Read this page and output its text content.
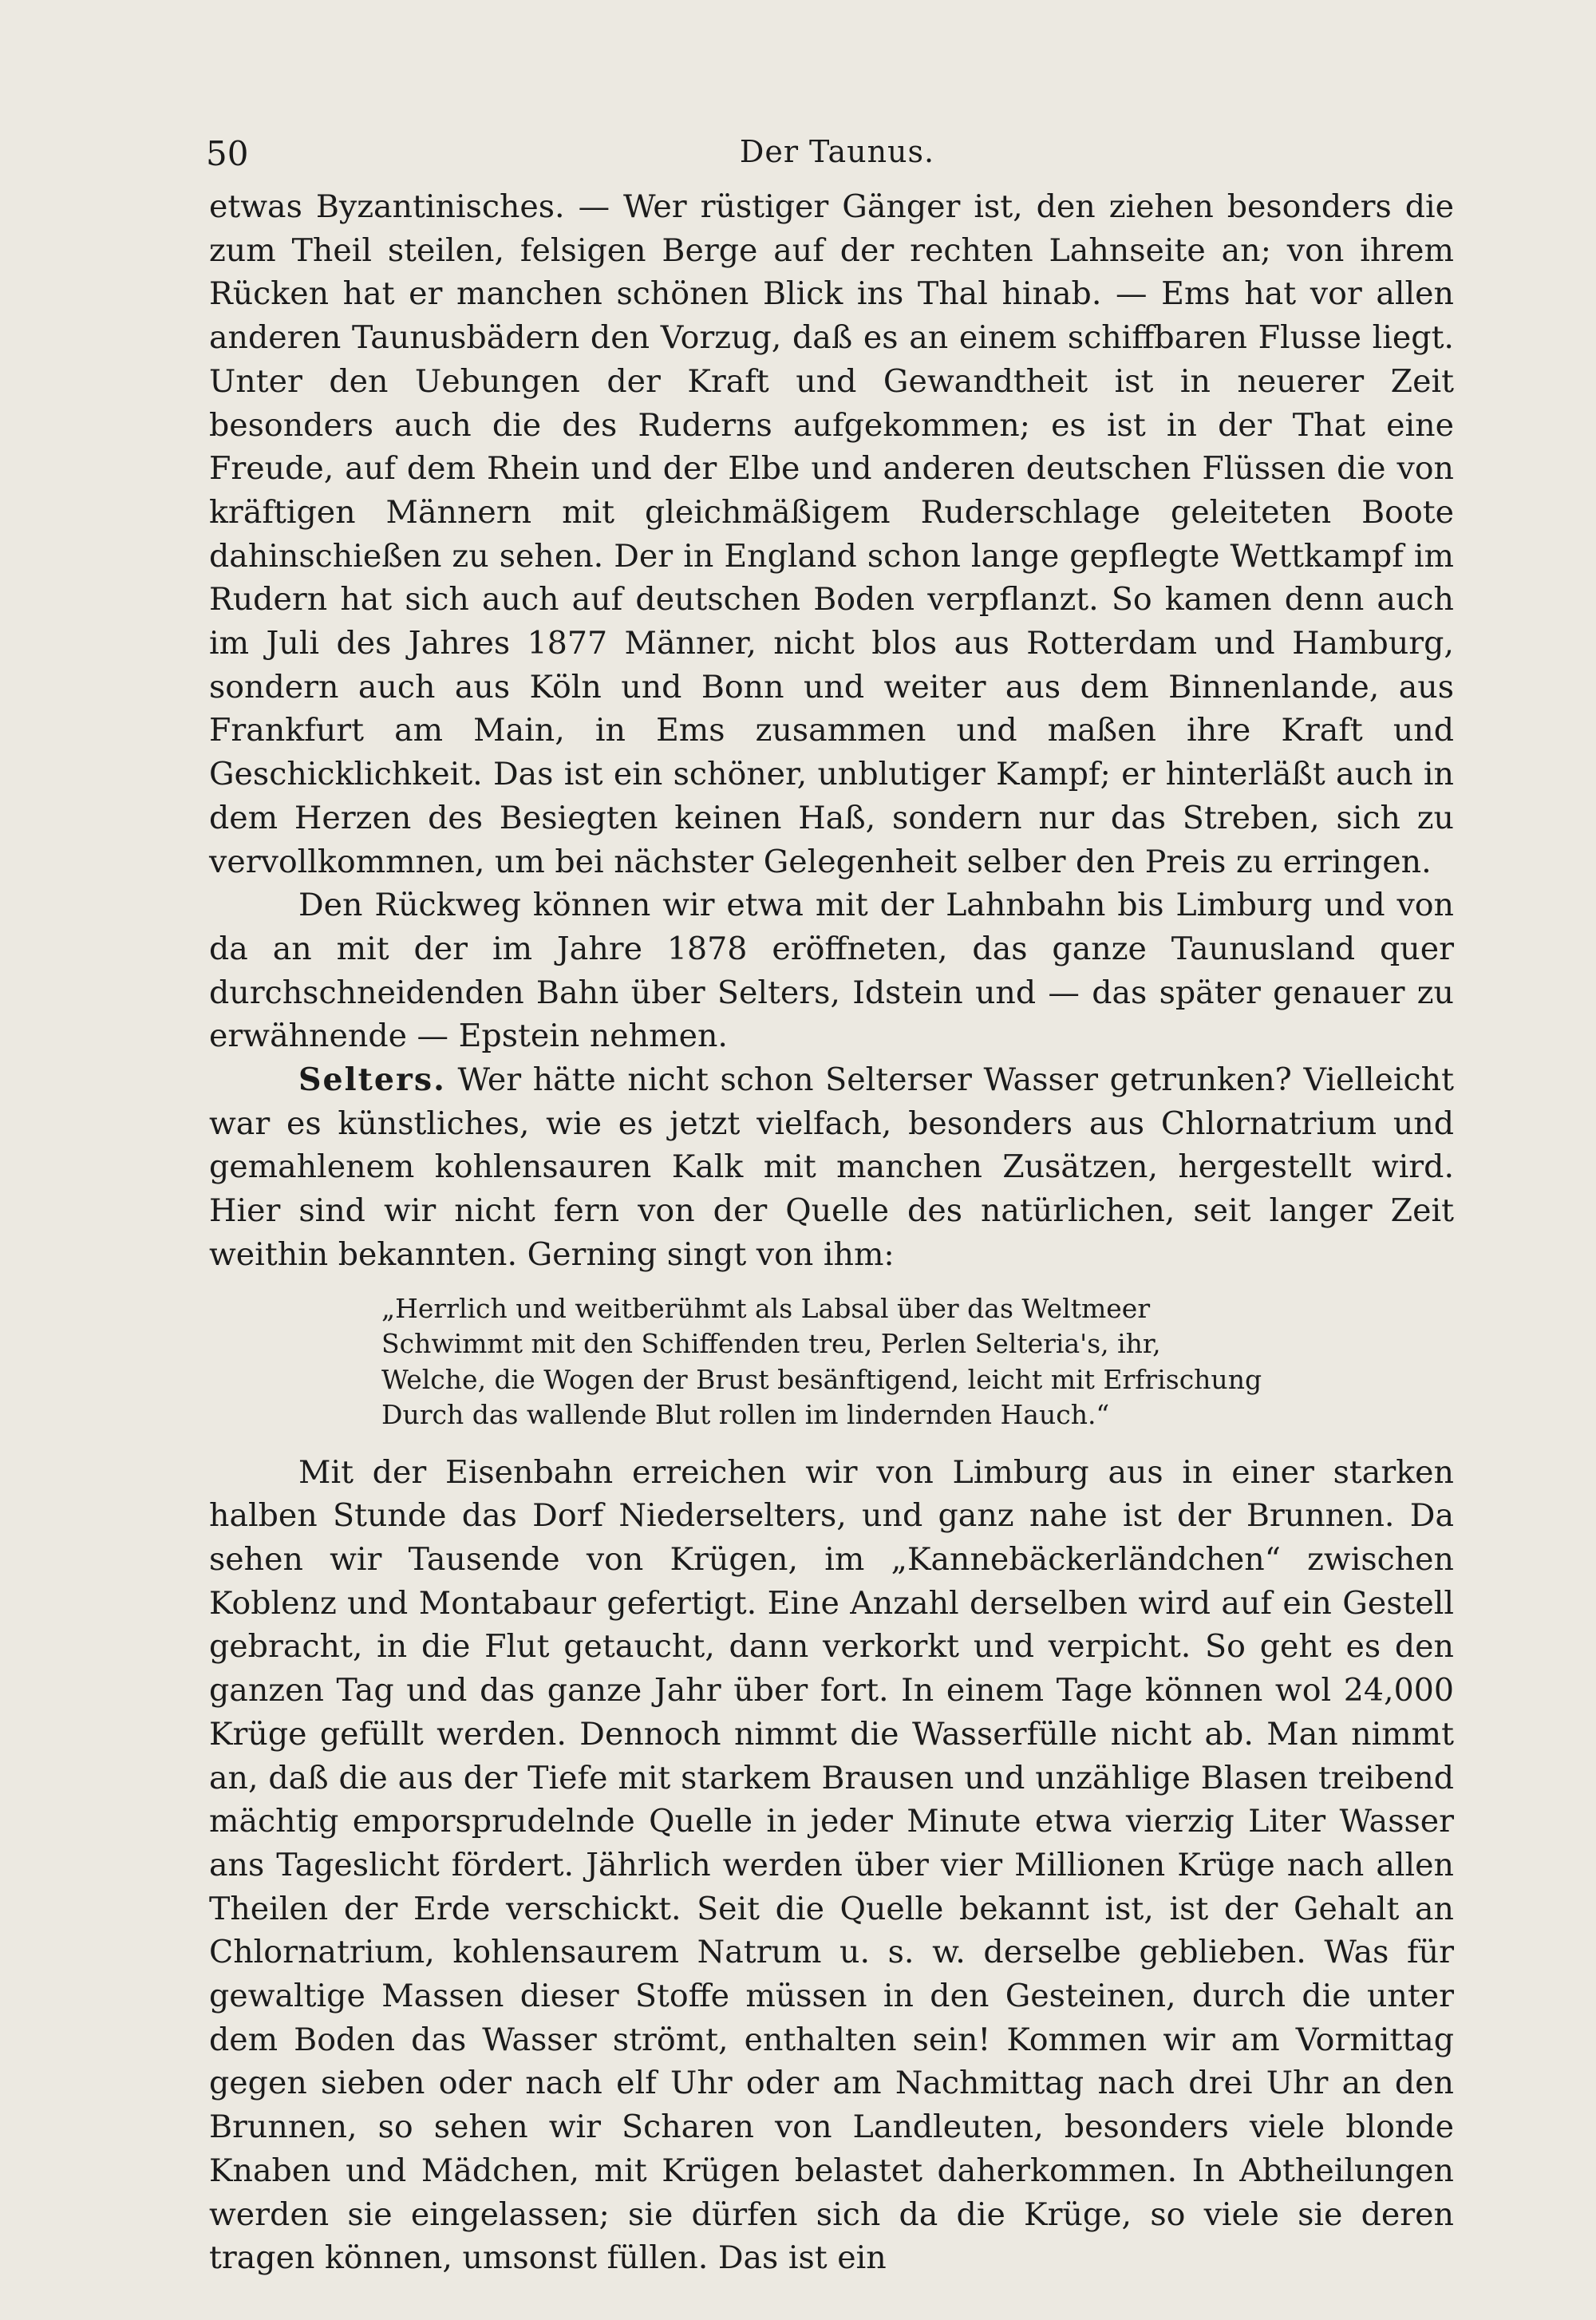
50	Der Taunus.

etwas Byzantinisches. — Wer rüstiger Gänger ist, den ziehen besonders die zum Theil steilen, felsigen Berge auf der rechten Lahnseite an; von ihrem Rücken hat er manchen schönen Blick ins Thal hinab. — Ems hat vor allen anderen Taunusbädern den Vorzug, daß es an einem schiffbaren Flusse liegt. Unter den Uebungen der Kraft und Gewandtheit ist in neuerer Zeit besonders auch die des Ruderns aufgekommen; es ist in der That eine Freude, auf dem Rhein und der Elbe und anderen deutschen Flüssen die von kräftigen Männern mit gleichmäßigem Ruderschlage geleiteten Boote dahinschießen zu sehen. Der in England schon lange gepflegte Wettkampf im Rudern hat sich auch auf deutschen Boden verpflanzt. So kamen denn auch im Juli des Jahres 1877 Männer, nicht blos aus Rotterdam und Hamburg, sondern auch aus Köln und Bonn und weiter aus dem Binnenlande, aus Frankfurt am Main, in Ems zusammen und maßen ihre Kraft und Geschicklichkeit. Das ist ein schöner, unblutiger Kampf; er hinterläßt auch in dem Herzen des Besiegten keinen Haß, sondern nur das Streben, sich zu vervollkommnen, um bei nächster Gelegenheit selber den Preis zu erringen.

Den Rückweg können wir etwa mit der Lahnbahn bis Limburg und von da an mit der im Jahre 1878 eröffneten, das ganze Taunusland quer durchschneidenden Bahn über Selters, Idstein und — das später genauer zu erwähnende — Epstein nehmen.

Selters. Wer hätte nicht schon Selterser Wasser getrunken? Vielleicht war es künstliches, wie es jetzt vielfach, besonders aus Chlornatrium und gemahlenem kohlensauren Kalk mit manchen Zusätzen, hergestellt wird. Hier sind wir nicht fern von der Quelle des natürlichen, seit langer Zeit weithin bekannten. Gerning singt von ihm:

„Herrlich und weitberühmt als Labsal über das Weltmeer

Schwimmt mit den Schiffenden treu, Perlen Selteria's, ihr,

Welche, die Wogen der Brust besänftigend, leicht mit Erfrischung

Durch das wallende Blut rollen im lindernden Hauch.“

Mit der Eisenbahn erreichen wir von Limburg aus in einer starken halben Stunde das Dorf Niederselters, und ganz nahe ist der Brunnen. Da sehen wir Tausende von Krügen, im „Kannebäckerländchen“ zwischen Koblenz und Montabaur gefertigt. Eine Anzahl derselben wird auf ein Gestell gebracht, in die Flut getaucht, dann verkorkt und verpicht. So geht es den ganzen Tag und das ganze Jahr über fort. In einem Tage können wol 24,000 Krüge gefüllt werden. Dennoch nimmt die Wasserfülle nicht ab. Man nimmt an, daß die aus der Tiefe mit starkem Brausen und unzählige Blasen treibend mächtig emporsprudelnde Quelle in jeder Minute etwa vierzig Liter Wasser ans Tageslicht fördert. Jährlich werden über vier Millionen Krüge nach allen Theilen der Erde verschickt. Seit die Quelle bekannt ist, ist der Gehalt an Chlornatrium, kohlensaurem Natrum u. s. w. derselbe geblieben. Was für gewaltige Massen dieser Stoffe müssen in den Gesteinen, durch die unter dem Boden das Wasser strömt, enthalten sein! Kommen wir am Vormittag gegen sieben oder nach elf Uhr oder am Nachmittag nach drei Uhr an den Brunnen, so sehen wir Scharen von Landleuten, besonders viele blonde Knaben und Mädchen, mit Krügen belastet daherkommen. In Abtheilungen werden sie eingelassen; sie dürfen sich da die Krüge, so viele sie deren tragen können, umsonst füllen. Das ist ein
